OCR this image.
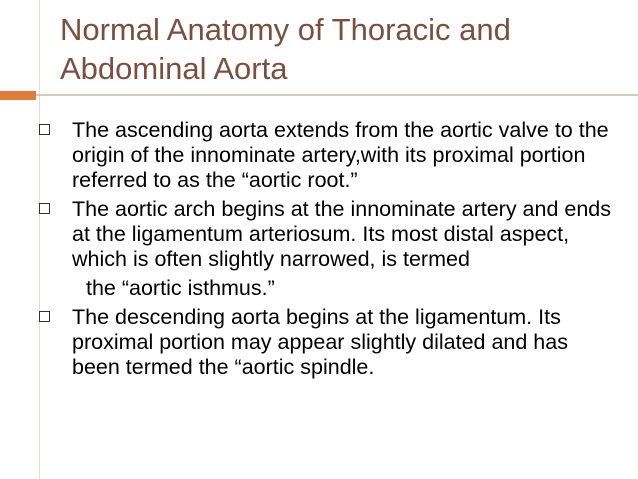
Normal Anatomy of Thoracic and Abdominal Aorta
The ascending aorta extends from the aortic valve to the origin of the innominate artery,with its proximal portion referred to as the “aortic root.”
The aortic arch begins at the innominate artery and ends at the ligamentum arteriosum. Its most distal aspect, which is often slightly narrowed, is termed
the “aortic isthmus.”
The descending aorta begins at the ligamentum. Its proximal portion may appear slightly dilated and has been termed the “aortic spindle.
